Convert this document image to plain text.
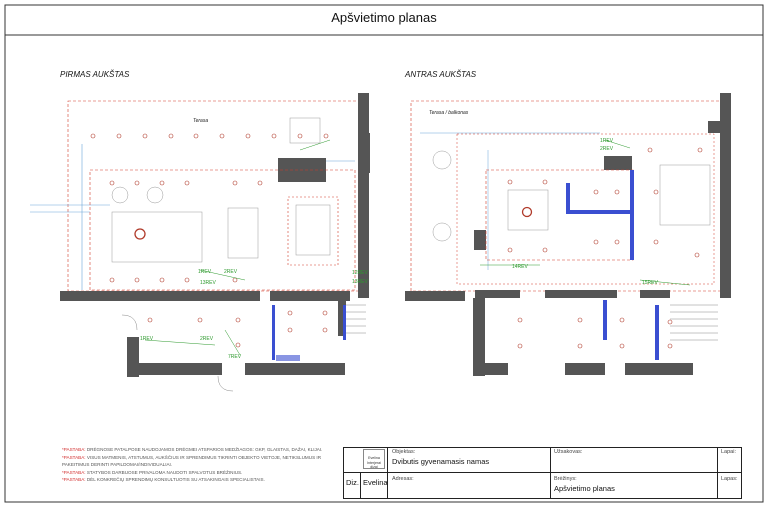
Apšvietimo planas
PIRMAS AUKŠTAS	ANTRAS AUKŠTAS
1REV	2REV
13REV
1REV	2REV
7REV
12REV
13REV
Terasa
14REV
15REV
1REV
2REV
Terasa / balkonas
*PASTABA: DRĖGNOSE PATALPOSE NAUDOJAMOS DRĖGMEI ATSPARIOS MEDŽIAGOS: GKP, GLAISTAS, DAŽAI, KLIJAI.
*PASTABA: VISUS MATMENIS, ATSTUMUS, AUKŠČIUS IR SPRENDIMUS TIKRINTI OBJEKTO VIETOJE, NETIKSLUMUS IR PAKEITIMUS DERINTI PAPILDOMAI/INDIVIDUALIAI.
*PASTABA: STATYBOS DARBUOSE PRIVALOMA NAUDOTI SPALVOTUS BRĖŽINIUS.
*PASTABA: DĖL KONKREČIŲ SPRENDIMŲ KONSULTUOTIS SU ATSAKINGAIS SPECIALISTAIS.
Evelina Interjerai
dizai
Diz. Evelina
Objektas:
Dvibutis gyvenamasis namas
Adresas:
Užsakovas:
Brėžinys:
Apšvietimo planas
Lapai:
Lapas:
